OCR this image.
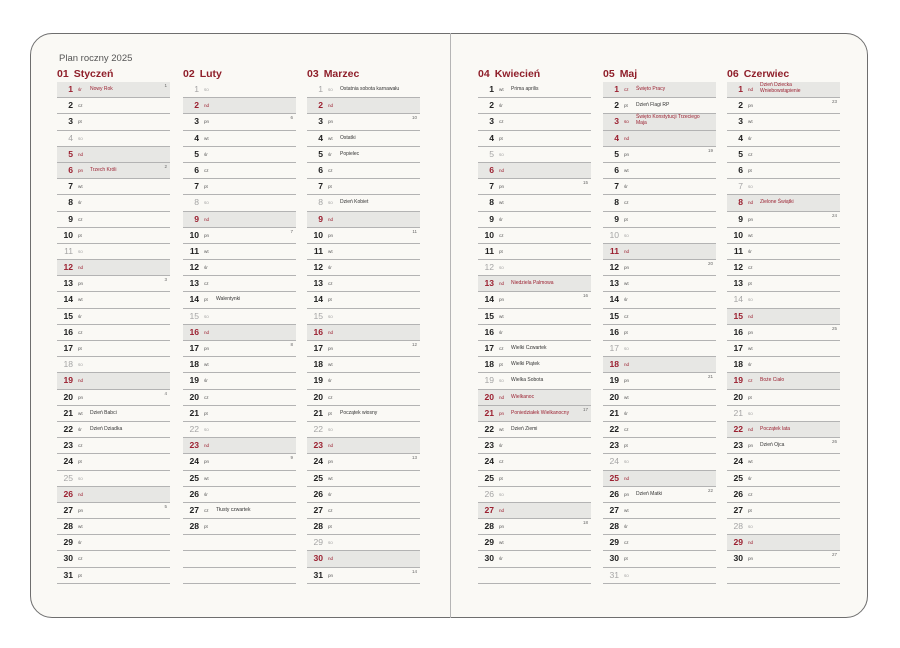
Plan roczny 2025
01 Styczeń
1 śr Nowy Rok
1
2 cz
3 pt
4 so
5 nd
6 pn Trzech Króli
2
7 wt
8 śr
9 cz
10 pt
11 so
12 nd
13 pn
3
14 wt
15 śr
16 cz
17 pt
18 so
19 nd
20 pn
4
21 wt Dzień Babci
22 śr Dzień Dziadka
23 cz
24 pt
25 so
26 nd
27 pn
5
28 wt
29 śr
30 cz
31 pt
02 Luty
1 so
2 nd
3 pn
6
4 wt
5 śr
6 cz
7 pt
8 so
9 nd
10 pn
7
11 wt
12 śr
13 cz
14 pt Walentynki
15 so
16 nd
17 pn
8
18 wt
19 śr
20 cz
21 pt
22 so
23 nd
24 pn
9
25 wt
26 śr
27 cz Tłusty czwartek
28 pt
03 Marzec
1 so Ostatnia sobota karnawału
2 nd
3 pn
10
4 wt Ostatki
5 śr Popielec
6 cz
7 pt
8 so Dzień Kobiet
9 nd
10 pn
11
11 wt
12 śr
13 cz
14 pt
15 so
16 nd
17 pn
12
18 wt
19 śr
20 cz
21 pt Początek wiosny
22 so
23 nd
24 pn
13
25 wt
26 śr
27 cz
28 pt
29 so
30 nd
31 pn
14
04 Kwiecień
1 wt Prima aprilis
2 śr
3 cz
4 pt
5 so
6 nd
7 pn
15
8 wt
9 śr
10 cz
11 pt
12 so
13 nd Niedziela Palmowa
14 pn
16
15 wt
16 śr
17 cz Wielki Czwartek
18 pt Wielki Piątek
19 so Wielka Sobota
20 nd Wielkanoc
21 pn Poniedziałek Wielkanocny
17
22 wt Dzień Ziemi
23 śr
24 cz
25 pt
26 so
27 nd
28 pn
18
29 wt
30 śr
05 Maj
1 cz Święto Pracy
2 pt Dzień Flagi RP
3 so
Święto Konstytucji Trzeciego Maja
4 nd
5 pn
19
6 wt
7 śr
8 cz
9 pt
10 so
11 nd
12 pn
20
13 wt
14 śr
15 cz
16 pt
17 so
18 nd
19 pn
21
20 wt
21 śr
22 cz
23 pt
24 so
25 nd
26 pn Dzień Matki
22
27 wt
28 śr
29 cz
30 pt
31 so
06 Czerwiec
1 nd
Dzień Dziecka Wniebowstąpienie
2 pn
23
3 wt
4 śr
5 cz
6 pt
7 so
8 nd Zielone Świątki
9 pn
24
10 wt
11 śr
12 cz
13 pt
14 so
15 nd
16 pn
25
17 wt
18 śr
19 cz Boże Ciało
20 pt
21 so
22 nd Początek lata
23 pn Dzień Ojca
26
24 wt
25 śr
26 cz
27 pt
28 so
29 nd
30 pn
27
